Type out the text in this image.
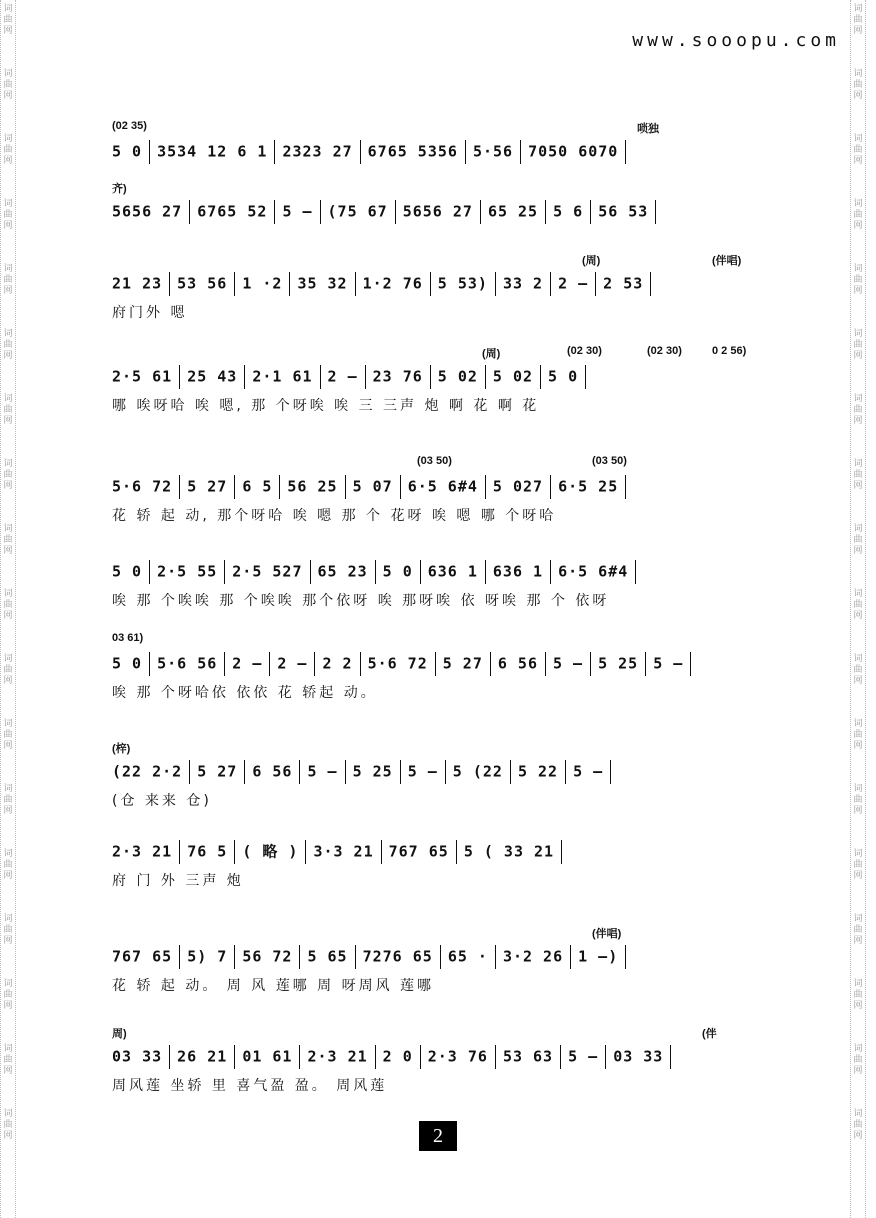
词
曲
网
词
曲
网
词
曲
网
词
曲
网
词
曲
网
词
曲
网
词
曲
网
词
曲
网
词
曲
网
词
曲
网
词
曲
网
词
曲
网
词
曲
网
词
曲
网
词
曲
网
词
曲
网
词
曲
网
词
曲
网
词
曲
网
词
曲
网
词
曲
网
词
曲
网
词
曲
网
词
曲
网
词
曲
网
词
曲
网
词
曲
网
词
曲
网
词
曲
网
词
曲
网
词
曲
网
词
曲
网
词
曲
网
词
曲
网
词
曲
网
词
曲
网
www.sooopu.com
(02 35)	唢独
5 0 3534 12 6 1 2323 27 6765 5356 5·56 7050 6070
齐)
5656 27 6765 52 5 — (75 67 5656 27 65 25 5 6 56 53
(周)	(伴唱)
21 23 53 56 1 ·2 35 32 1·2 76 5 53) 33 2 2 — 2 53
府门外 嗯
(周)	(02 30)	(02 30)	0 2 56)
2·5 61 25 43 2·1 61 2 — 23 76 5 02 5 02 5 0
哪 唉呀哈 唉 嗯, 那 个呀唉 唉 三 三声 炮 啊 花 啊 花
(03 50)	(03 50)
5·6 72 5 27 6 5 56 25 5 07 6·5 6#4 5 027 6·5 25
花 轿 起 动, 那个呀哈 唉 嗯 那 个 花呀 唉 嗯 哪 个呀哈
5 0 2·5 55 2·5 527 65 23 5 0 636 1 636 1 6·5 6#4
唉 那 个唉唉 那 个唉唉 那个依呀 唉 那呀唉 依 呀唉 那 个 依呀
03 61)
5 0 5·6 56 2 — 2 — 2 2 5·6 72 5 27 6 56 5 — 5 25 5 —
唉 那 个呀哈依 依依 花 轿起 动。
(梓)
(22 2·2 5 27 6 56 5 — 5 25 5 — 5 (22 5 22 5 —
(仓 来来 仓)
2·3 21 76 5 ( 略 ) 3·3 21 767 65 5 ( 33 21
府 门 外 三声 炮
(伴唱)
767 65 5) 7 56 72 5 65 7276 65 65 · 3·2 26 1 —)
花 轿 起 动。 周 风 莲哪 周 呀周风 莲哪
周)	(伴
03 33 26 21 01 61 2·3 21 2 0 2·3 76 53 63 5 — 03 33
周风莲 坐轿 里 喜气盈 盈。 周风莲
2
